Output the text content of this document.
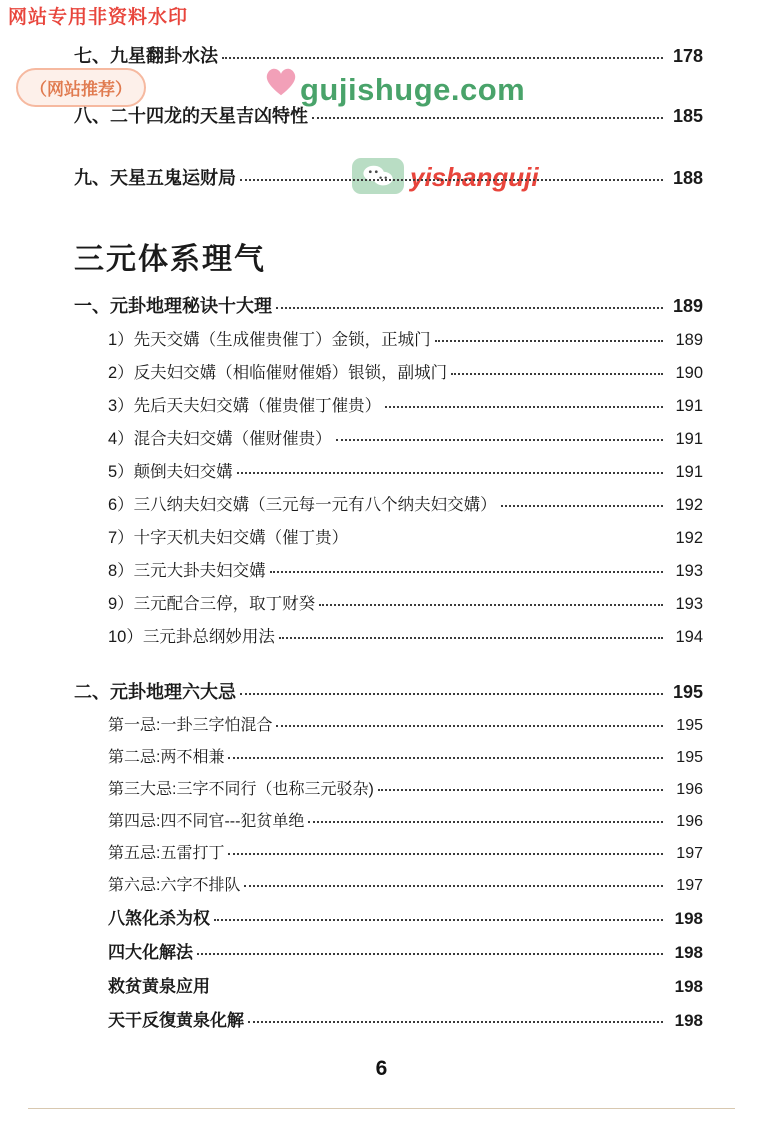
网站专用非资料水印
（网站推荐）	gujishuge.com
yishanguji
七、九星翻卦水法	178
八、二十四龙的天星吉凶特性	185
九、天星五鬼运财局	188
三元体系理气
一、元卦地理秘诀十大理	189
1）先天交媾（生成催贵催丁）金锁，正城门	189
2）反夫妇交媾（相临催财催婚）银锁，副城门	190
3）先后天夫妇交媾（催贵催丁催贵）	191
4）混合夫妇交媾（催财催贵）	191
5）颠倒夫妇交媾	191
6）三八纳夫妇交媾（三元每一元有八个纳夫妇交媾）	192
7）十字天机夫妇交媾（催丁贵）	192
8）三元大卦夫妇交媾	193
9）三元配合三停，取丁财癸	193
10）三元卦总纲妙用法	194
二、元卦地理六大忌	195
第一忌:一卦三字怕混合	195
第二忌:两不相兼	195
第三大忌:三字不同行（也称三元驳杂)	196
第四忌:四不同官---犯贫单绝	196
第五忌:五雷打丁	197
第六忌:六字不排队	197
八煞化杀为权	198
四大化解法	198
救贫黄泉应用	198
天干反復黄泉化解	198
6
